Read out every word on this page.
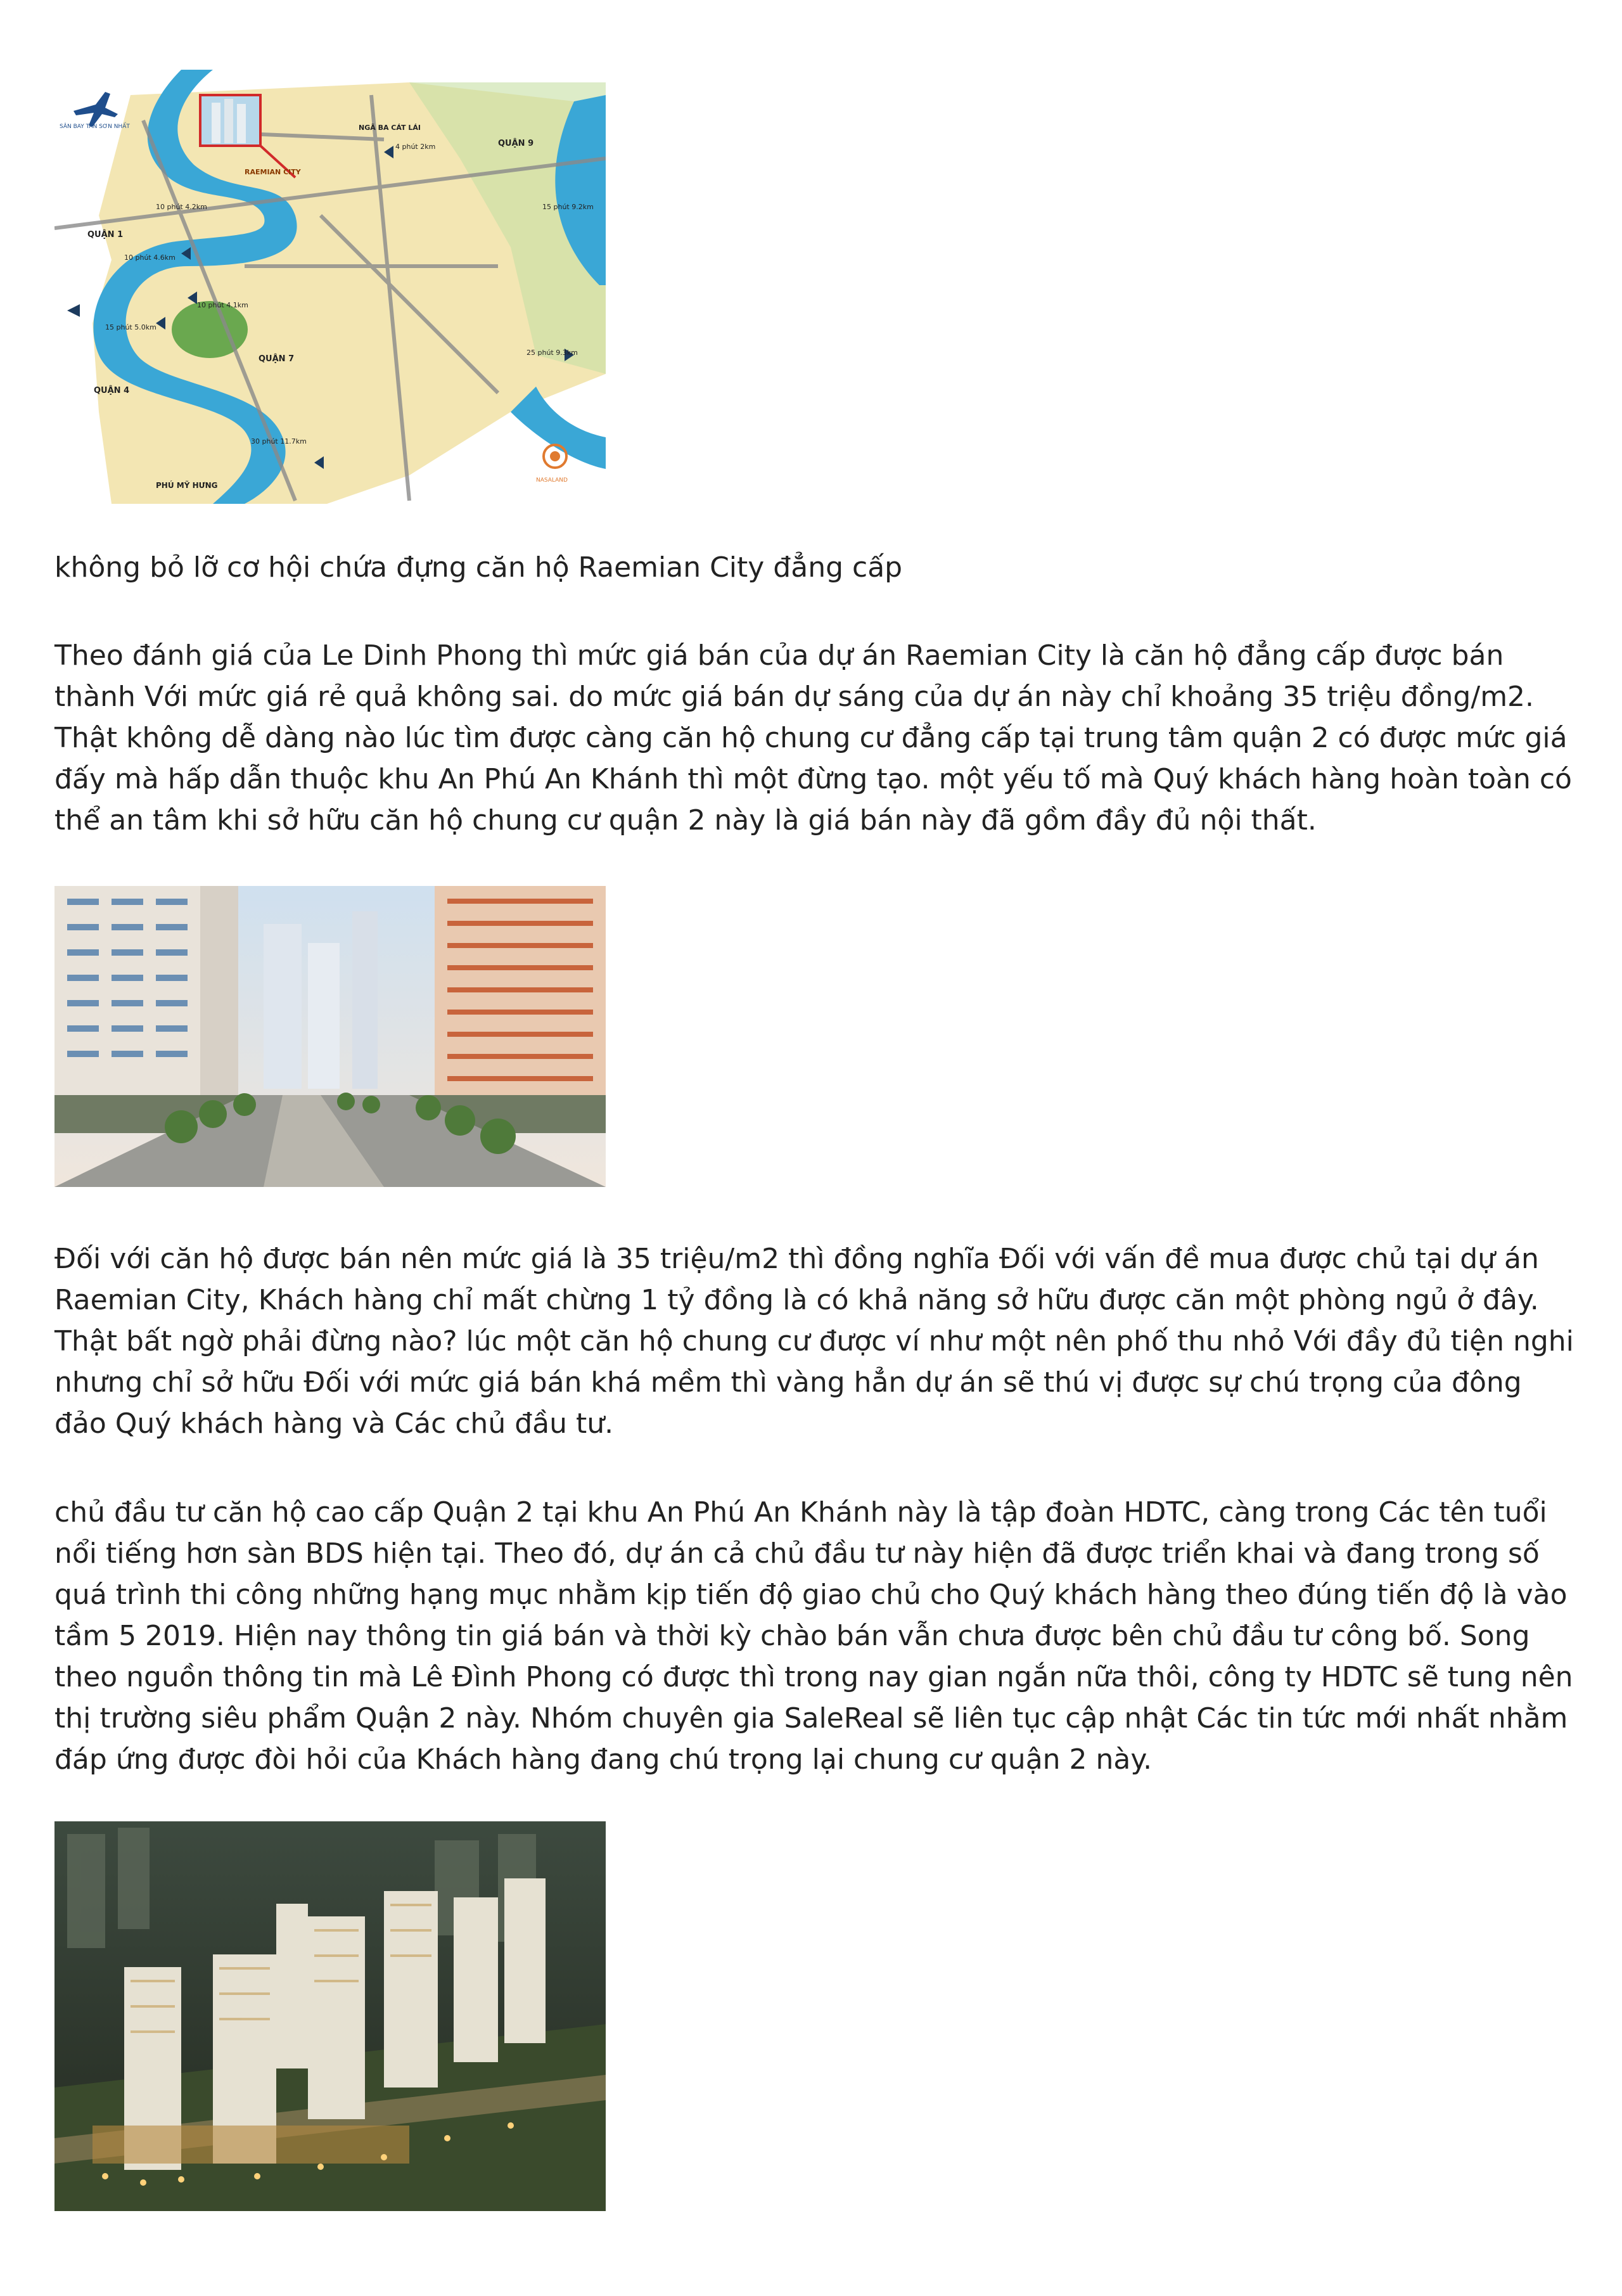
SÂN BAY TÂN SƠN NHẤT
QUẬN 1
QUẬN 4
QUẬN 7
QUẬN 9
RAEMIAN CITY
NGÃ BA CÁT LÁI
PHÚ MỸ HƯNG
10 phút 4.2km
10 phút 4.6km
10 phút 4.1km
15 phút 5.0km
4 phút 2km
15 phút 9.2km
25 phút 9.3km
30 phút 11.7km
NASALAND

không bỏ lỡ cơ hội chứa đựng căn hộ Raemian City đẳng cấp

Theo đánh giá của Le Dinh Phong thì mức giá bán của dự án Raemian City là căn hộ đẳng cấp được bán thành Với mức giá rẻ quả không sai. do mức giá bán dự sáng của dự án này chỉ khoảng 35 triệu đồng/m2. Thật không dễ dàng nào lúc tìm được càng căn hộ chung cư đẳng cấp tại trung tâm quận 2 có được mức giá đấy mà hấp dẫn thuộc khu An Phú An Khánh thì một đừng tạo. một yếu tố mà Quý khách hàng hoàn toàn có thể an tâm khi sở hữu căn hộ chung cư quận 2 này là giá bán này đã gồm đầy đủ nội thất.

Đối với căn hộ được bán nên mức giá là 35 triệu/m2 thì đồng nghĩa Đối với vấn đề mua được chủ tại dự án Raemian City, Khách hàng chỉ mất chừng 1 tỷ đồng là có khả năng sở hữu được căn một phòng ngủ ở đây. Thật bất ngờ phải đừng nào? lúc một căn hộ chung cư được ví như một nên phố thu nhỏ Với đầy đủ tiện nghi nhưng chỉ sở hữu Đối với mức giá bán khá mềm thì vàng hẳn dự án sẽ thú vị được sự chú trọng của đông đảo Quý khách hàng và Các chủ đầu tư.

chủ đầu tư căn hộ cao cấp Quận 2 tại khu An Phú An Khánh này là tập đoàn HDTC, càng trong Các tên tuổi nổi tiếng hơn sàn BDS hiện tại. Theo đó, dự án cả chủ đầu tư này hiện đã được triển khai và đang trong số quá trình thi công những hạng mục nhằm kịp tiến độ giao chủ cho Quý khách hàng theo đúng tiến độ là vào tầm 5 2019. Hiện nay thông tin giá bán và thời kỳ chào bán vẫn chưa được bên chủ đầu tư công bố. Song theo nguồn thông tin mà Lê Đình Phong có được thì trong nay gian ngắn nữa thôi, công ty HDTC sẽ tung nên thị trường siêu phẩm Quận 2 này. Nhóm chuyên gia SaleReal sẽ liên tục cập nhật Các tin tức mới nhất nhằm đáp ứng được đòi hỏi của Khách hàng đang chú trọng lại chung cư quận 2 này.
